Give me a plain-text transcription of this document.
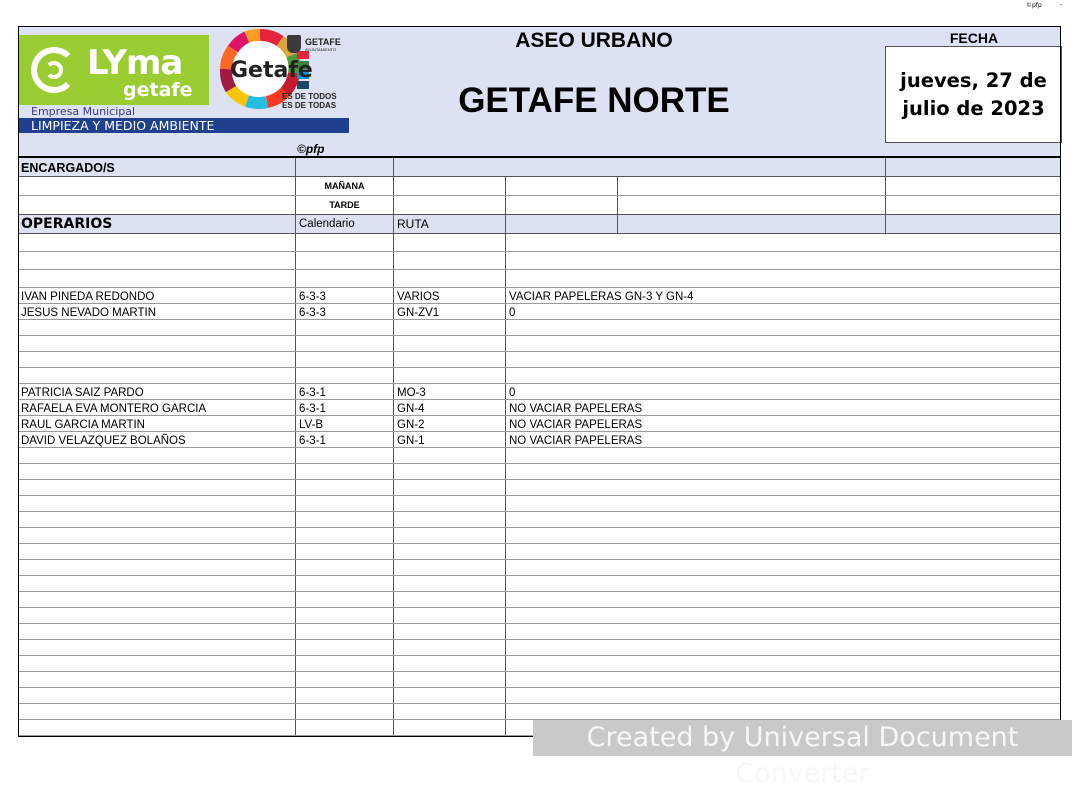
©pfp	-
LYma
getafe
Getafe
GETAFE
AYUNTAMIENTO
ES DE TODOS
ES DE TODAS
Empresa Municipal
LIMPIEZA Y MEDIO AMBIENTE
©pfp
ASEO URBANO
GETAFE NORTE
FECHA
jueves, 27 de
julio de 2023
ENCARGADO/S
MAÑANA
TARDE
OPERARIOS	Calendario	RUTA
IVAN PINEDA REDONDO	6-3-3	VARIOS	VACIAR PAPELERAS GN-3 Y GN-4
JESUS NEVADO MARTIN	6-3-3	GN-ZV1	0
PATRICIA SAIZ PARDO	6-3-1	MO-3	0
RAFAELA EVA MONTERO GARCIA	6-3-1	GN-4	NO VACIAR PAPELERAS
RAUL GARCIA MARTIN	LV-B	GN-2	NO VACIAR PAPELERAS
DAVID VELAZQUEZ BOLAÑOS	6-3-1	GN-1	NO VACIAR PAPELERAS
Created by Universal Document Converter
